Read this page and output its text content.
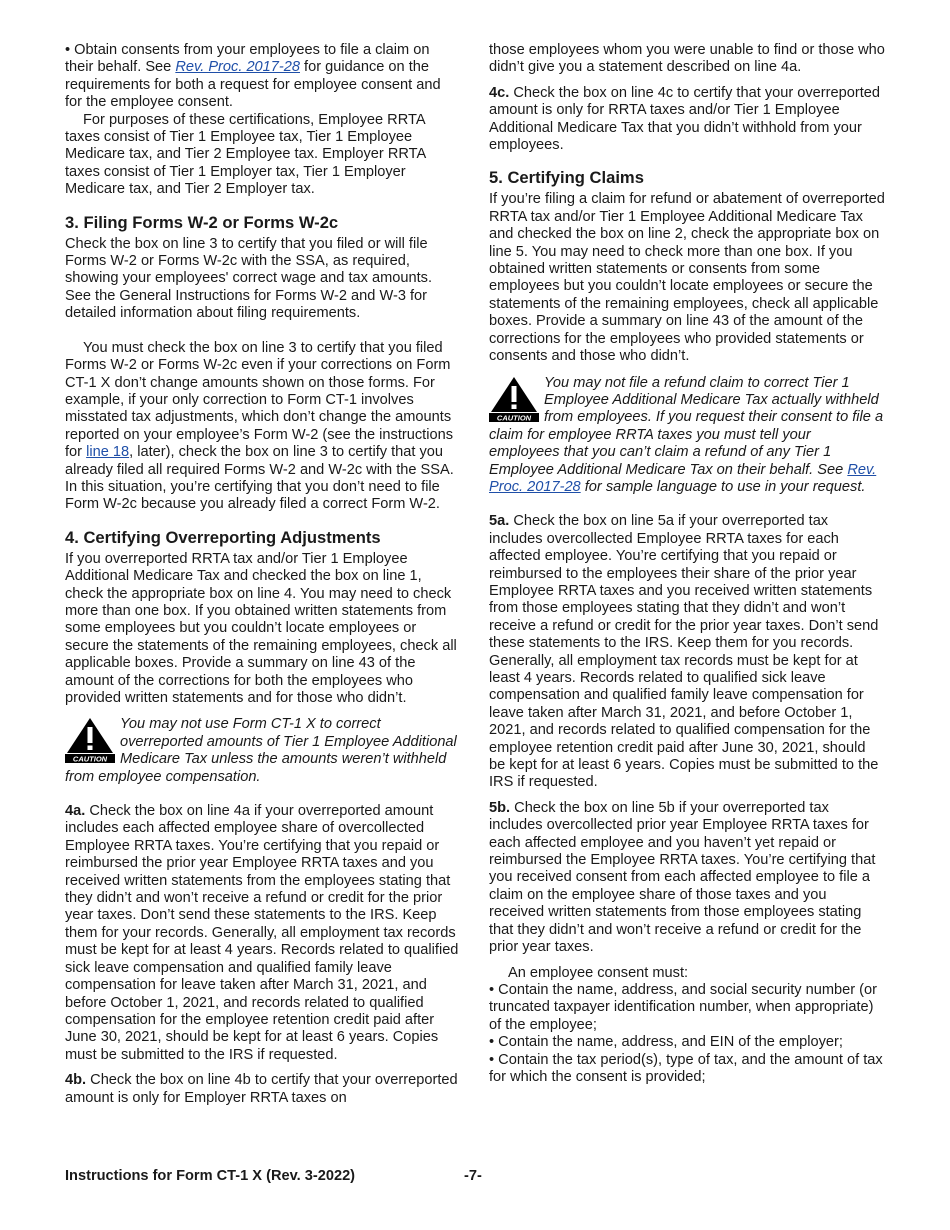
• Obtain consents from your employees to file a claim on their behalf. See Rev. Proc. 2017-28 for guidance on the requirements for both a request for employee consent and for the employee consent.

For purposes of these certifications, Employee RRTA taxes consist of Tier 1 Employee tax, Tier 1 Employee Medicare tax, and Tier 2 Employee tax. Employer RRTA taxes consist of Tier 1 Employer tax, Tier 1 Employer Medicare tax, and Tier 2 Employer tax.

3. Filing Forms W-2 or Forms W-2c

Check the box on line 3 to certify that you filed or will file Forms W-2 or Forms W-2c with the SSA, as required, showing your employees' correct wage and tax amounts. See the General Instructions for Forms W-2 and W-3 for detailed information about filing requirements.

You must check the box on line 3 to certify that you filed Forms W-2 or Forms W-2c even if your corrections on Form CT-1 X don’t change amounts shown on those forms. For example, if your only correction to Form CT-1 involves misstated tax adjustments, which don’t change the amounts reported on your employee’s Form W-2 (see the instructions for line 18, later), check the box on line 3 to certify that you already filed all required Forms W-2 and W-2c with the SSA. In this situation, you’re certifying that you don’t need to file Form W-2c because you already filed a correct Form W-2.

4. Certifying Overreporting Adjustments

If you overreported RRTA tax and/or Tier 1 Employee Additional Medicare Tax and checked the box on line 1, check the appropriate box on line 4. You may need to check more than one box. If you obtained written statements from some employees but you couldn’t locate employees or secure the statements of the remaining employees, check all applicable boxes. Provide a summary on line 43 of the amount of the corrections for both the employees who provided written statements and for those who didn’t.

CAUTION
You may not use Form CT-1 X to correct overreported amounts of Tier 1 Employee Additional Medicare Tax unless the amounts weren’t withheld from employee compensation.

4a. Check the box on line 4a if your overreported amount includes each affected employee share of overcollected Employee RRTA taxes. You’re certifying that you repaid or reimbursed the prior year Employee RRTA taxes and you received written statements from the employees stating that they didn’t and won’t receive a refund or credit for the prior year taxes. Don’t send these statements to the IRS. Keep them for your records. Generally, all employment tax records must be kept for at least 4 years. Records related to qualified sick leave compensation and qualified family leave compensation for leave taken after March 31, 2021, and before October 1, 2021, and records related to qualified compensation for the employee retention credit paid after June 30, 2021, should be kept for at least 6 years. Copies must be submitted to the IRS if requested.

4b. Check the box on line 4b to certify that your overreported amount is only for Employer RRTA taxes on

those employees whom you were unable to find or those who didn’t give you a statement described on line 4a.

4c. Check the box on line 4c to certify that your overreported amount is only for RRTA taxes and/or Tier 1 Employee Additional Medicare Tax that you didn’t withhold from your employees.

5. Certifying Claims

If you’re filing a claim for refund or abatement of overreported RRTA tax and/or Tier 1 Employee Additional Medicare Tax and checked the box on line 2, check the appropriate box on line 5. You may need to check more than one box. If you obtained written statements or consents from some employees but you couldn’t locate employees or secure the statements of the remaining employees, check all applicable boxes. Provide a summary on line 43 of the amount of the corrections for the employees who provided statements or consents and those who didn’t.

CAUTION
You may not file a refund claim to correct Tier 1 Employee Additional Medicare Tax actually withheld from employees. If you request their consent to file a claim for employee RRTA taxes you must tell your employees that you can’t claim a refund of any Tier 1 Employee Additional Medicare Tax on their behalf. See Rev. Proc. 2017-28 for sample language to use in your request.

5a. Check the box on line 5a if your overreported tax includes overcollected Employee RRTA taxes for each affected employee. You’re certifying that you repaid or reimbursed to the employees their share of the prior year Employee RRTA taxes and you received written statements from those employees stating that they didn’t and won’t receive a refund or credit for the prior year taxes. Don’t send these statements to the IRS. Keep them for you records. Generally, all employment tax records must be kept for at least 4 years. Records related to qualified sick leave compensation and qualified family leave compensation for leave taken after March 31, 2021, and before October 1, 2021, and records related to qualified compensation for the employee retention credit paid after June 30, 2021, should be kept for at least 6 years. Copies must be submitted to the IRS if requested.

5b. Check the box on line 5b if your overreported tax includes overcollected prior year Employee RRTA taxes for each affected employee and you haven’t yet repaid or reimbursed the Employee RRTA taxes. You’re certifying that you received consent from each affected employee to file a claim on the employee share of those taxes and you received written statements from those employees stating that they didn’t and won’t receive a refund or credit for the prior year taxes.

An employee consent must:

• Contain the name, address, and social security number (or truncated taxpayer identification number, when appropriate) of the employee;

• Contain the name, address, and EIN of the employer;

• Contain the tax period(s), type of tax, and the amount of tax for which the consent is provided;

Instructions for Form CT-1 X (Rev. 3-2022)	-7-
